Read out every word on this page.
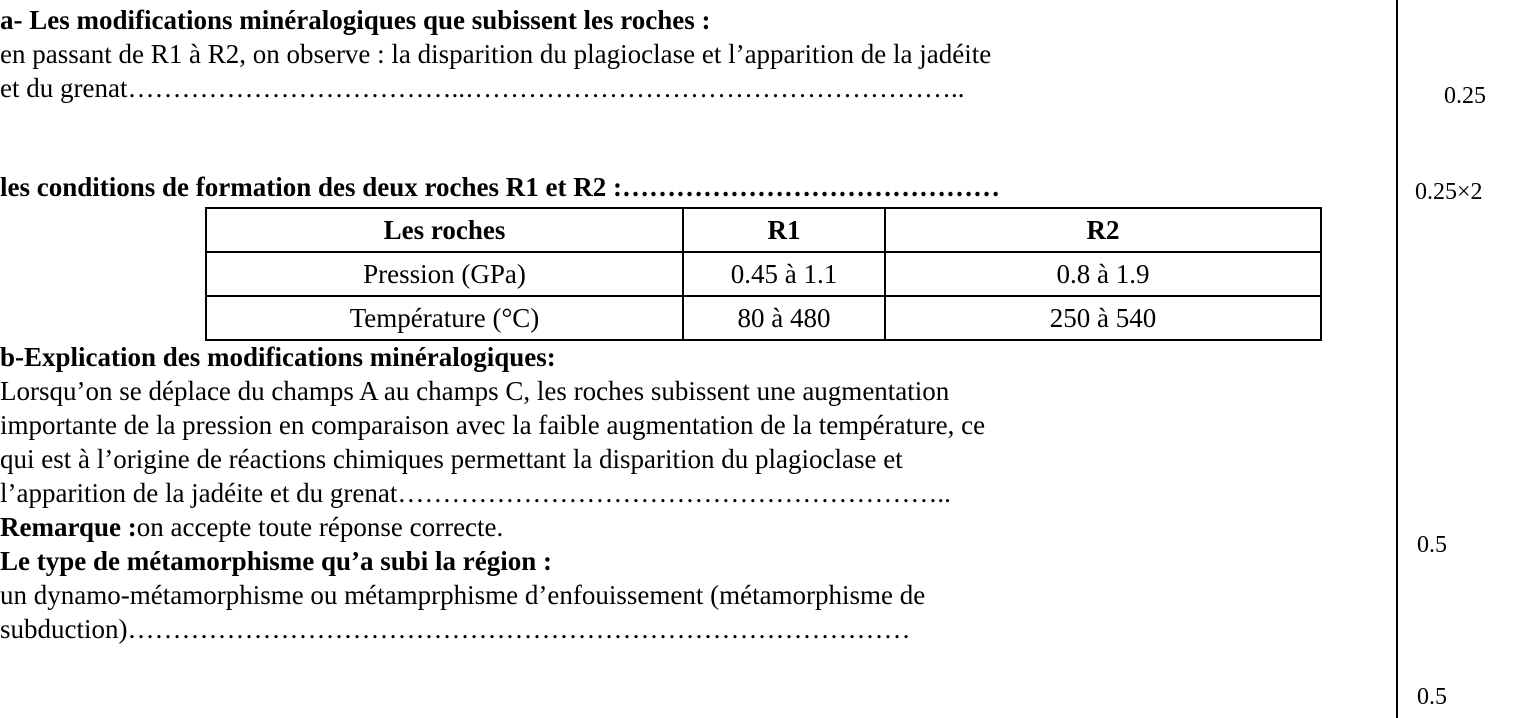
a- Les modifications minéralogiques que subissent les roches :
en passant de R1 à R2, on observe : la disparition du plagioclase et l’apparition de la jadéite
et du grenat………………………………..………………………………………………..	0.25
les conditions de formation des deux roches R1 et R2 :……………………………………	0.25×2
Les roches	R1	R2
Pression (GPa)	0.45 à 1.1	0.8 à 1.9
Température (°C)	80 à 480	250 à 540
b-Explication des modifications minéralogiques:
Lorsqu’on se déplace du champs A au champs C, les roches subissent une augmentation
importante de la pression en comparaison avec la faible augmentation de la température, ce
qui est à l’origine de réactions chimiques permettant la disparition du plagioclase et
l’apparition de la jadéite et du grenat……………………………………………………..
0.5
Remarque :on accepte toute réponse correcte.
Le type de métamorphisme qu’a subi la région :
un dynamo-métamorphisme ou métamprphisme d’enfouissement (métamorphisme de
subduction)……………………………………………………………………………
0.5
